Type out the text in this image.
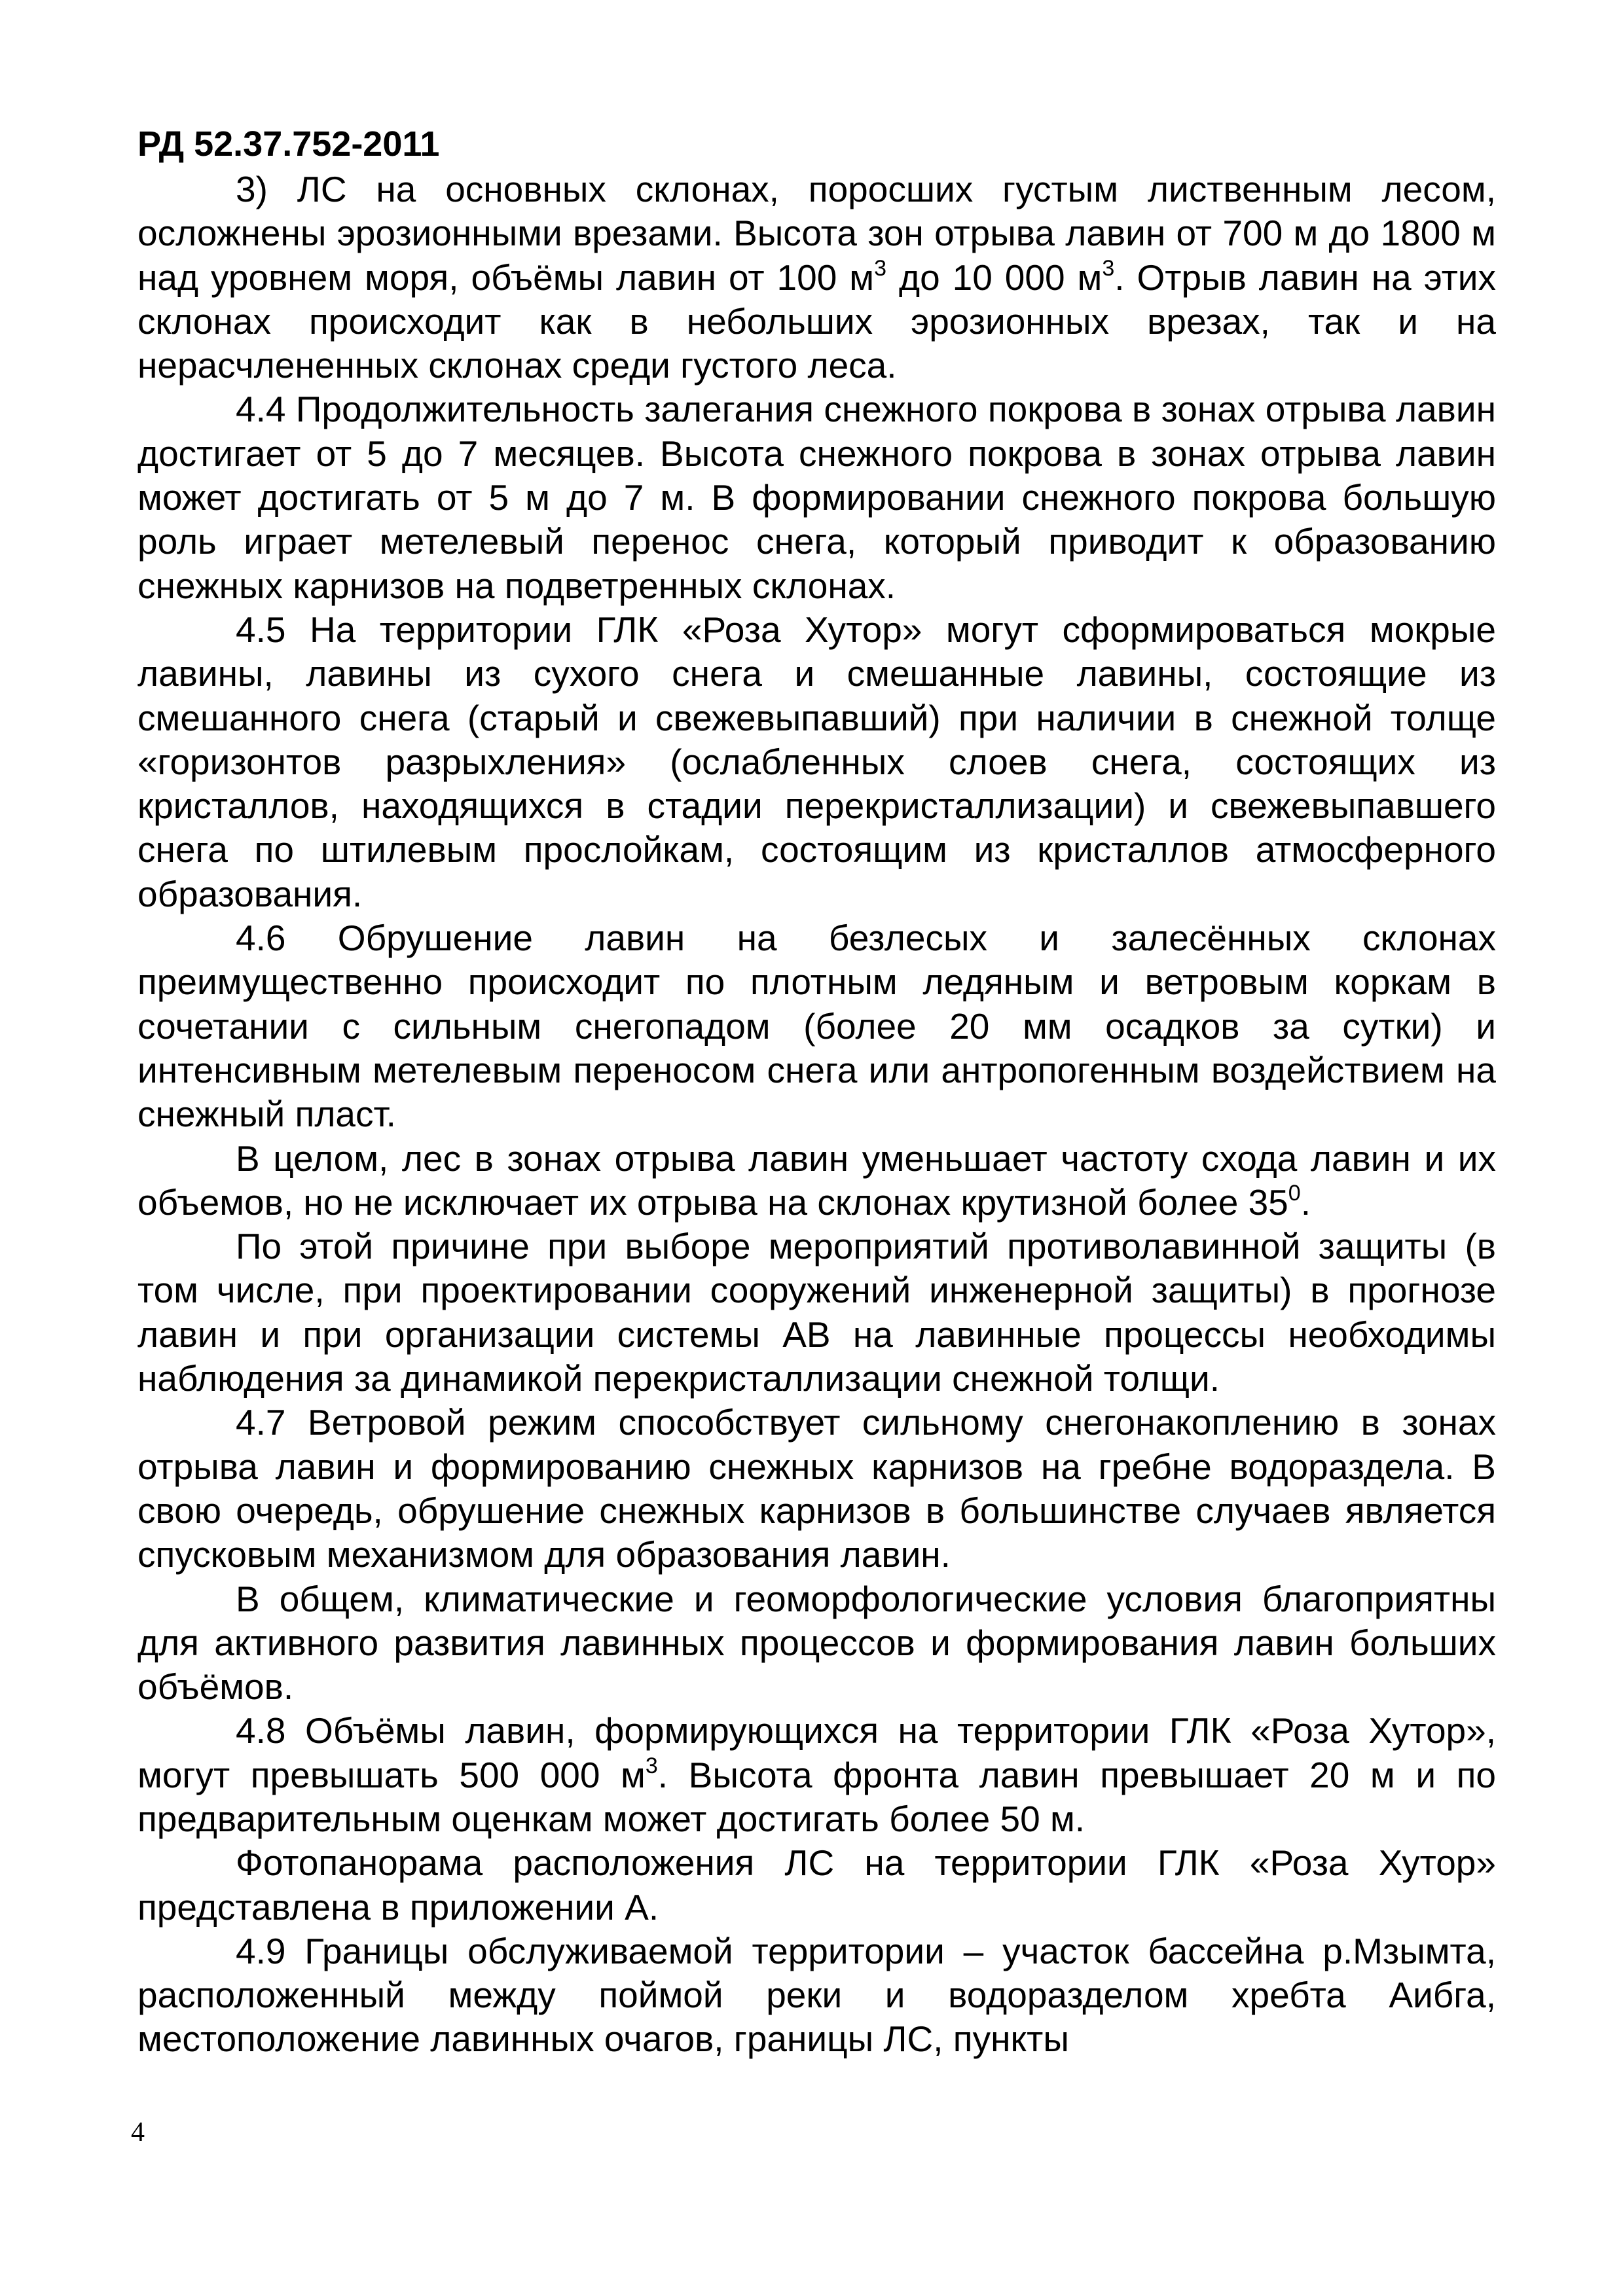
РД 52.37.752-2011

3) ЛС на основных склонах, поросших густым лиственным лесом, осложнены эрозионными врезами. Высота зон отрыва лавин от 700 м до 1800 м над уровнем моря, объёмы лавин от 100 $м^3$ до 10 000 $м^3$. Отрыв лавин на этих склонах происходит как в небольших эрозионных врезах, так и на нерасчлененных склонах среди густого леса.

4.4 Продолжительность залегания снежного покрова в зонах отрыва лавин достигает от 5 до 7 месяцев. Высота снежного покрова в зонах отрыва лавин может достигать от 5 м до 7 м. В формировании снежного покрова большую роль играет метелевый перенос снега, который приводит к образованию снежных карнизов на подветренных склонах.

4.5 На территории ГЛК «Роза Хутор» могут сформироваться мокрые лавины, лавины из сухого снега и смешанные лавины, состоящие из смешанного снега (старый и свежевыпавший) при наличии в снежной толще «горизонтов разрыхления» (ослабленных слоев снега, состоящих из кристаллов, находящихся в стадии перекристаллизации) и свежевыпавшего снега по штилевым прослойкам, состоящим из кристаллов атмосферного образования.

4.6 Обрушение лавин на безлесых и залесённых склонах преимущественно происходит по плотным ледяным и ветровым коркам в сочетании с сильным снегопадом (более 20 мм осадков за сутки) и интенсивным метелевым переносом снега или антропогенным воздействием на снежный пласт.

В целом, лес в зонах отрыва лавин уменьшает частоту схода лавин и их объемов, но не исключает их отрыва на склонах крутизной более $35^0$.

По этой причине при выборе мероприятий противолавинной защиты (в том числе, при проектировании сооружений инженерной защиты) в прогнозе лавин и при организации системы АВ на лавинные процессы необходимы наблюдения за динамикой перекристаллизации снежной толщи.

4.7 Ветровой режим способствует сильному снегонакоплению в зонах отрыва лавин и формированию снежных карнизов на гребне водораздела. В свою очередь, обрушение снежных карнизов в большинстве случаев является спусковым механизмом для образования лавин.

В общем, климатические и геоморфологические условия благоприятны для активного развития лавинных процессов и формирования лавин больших объёмов.

4.8 Объёмы лавин, формирующихся на территории ГЛК «Роза Хутор», могут превышать 500 000 $м^3$. Высота фронта лавин превышает 20 м и по предварительным оценкам может достигать более 50 м.

Фотопанорама расположения ЛС на территории ГЛК «Роза Хутор» представлена в приложении А.

4.9 Границы обслуживаемой территории – участок бассейна р.Мзымта, расположенный между поймой реки и водоразделом хребта Аибга, местоположение лавинных очагов, границы ЛС, пункты

4
